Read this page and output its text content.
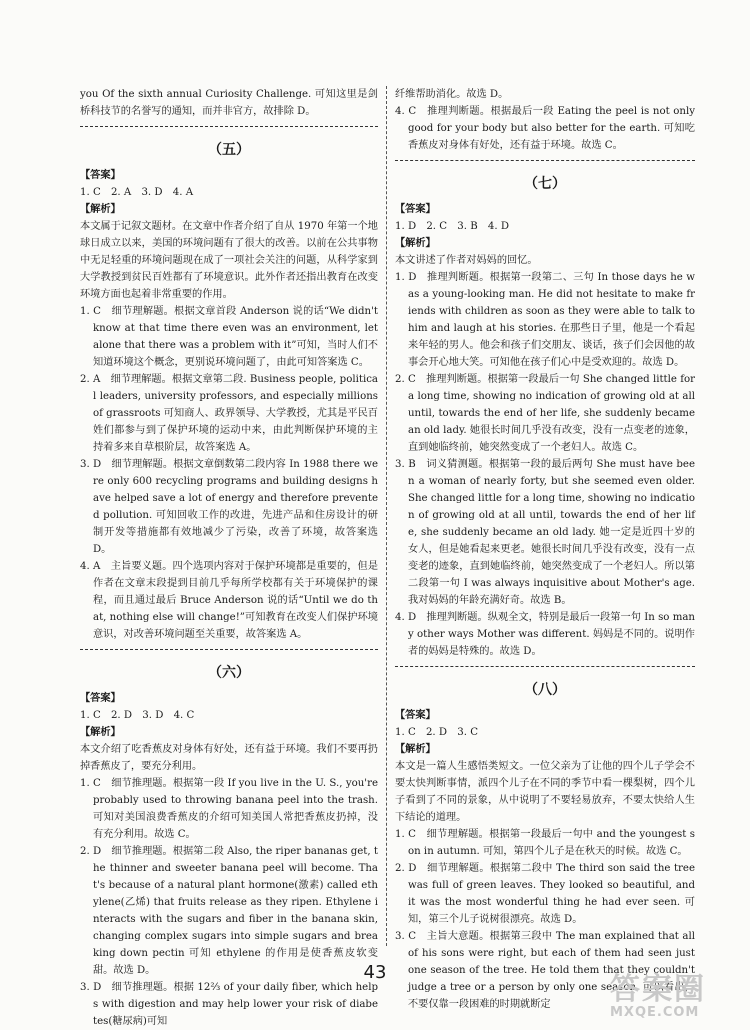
you Of the sixth annual Curiosity Challenge. 可知这里是剑桥科技节的名誉写的通知，而并非官方，故排除 D。

（五）

【答案】

1. C　2. A　3. D　4. A

【解析】

本文属于记叙文题材。在文章中作者介绍了自从 1970 年第一个地球日成立以来，美国的环境问题有了很大的改善。以前在公共事物中无足轻重的环境问题现在成了一项社会关注的问题，从科学家到大学教授到贫民百姓都有了环境意识。此外作者还指出教育在改变环境方面也起着非常重要的作用。

1. C　细节理解题。根据文章首段 Anderson 说的话“We didn't know at that time there even was an environment, let alone that there was a problem with it”可知，当时人们不知道环境这个概念，更别说环境问题了，由此可知答案选 C。

2. A　细节理解题。根据文章第二段. Business people, political leaders, university professors, and especially millions of grassroots 可知商人、政界领导、大学教授，尤其是平民百姓们都参与到了保护环境的运动中来，由此判断保护环境的主持着多来自草根阶层，故答案选 A。

3. D　细节理解题。根据文章倒数第二段内容 In 1988 there were only 600 recycling programs and building designs have helped save a lot of energy and therefore prevented pollution. 可知回收工作的改进，先进产品和住房设计的研制开发等措施都有效地减少了污染，改善了环境，故答案选 D。

4. A　主旨要义题。四个选项内容对于保护环境都是重要的，但是作者在文章末段提到目前几乎每所学校都有关于环境保护的课程，而且通过最后 Bruce Anderson 说的话“Until we do that, nothing else will change!”可知教育在改变人们保护环境意识，对改善环境问题至关重要，故答案选 A。

（六）

【答案】

1. C　2. D　3. D　4. C

【解析】

本文介绍了吃香蕉皮对身体有好处，还有益于环境。我们不要再扔掉香蕉皮了，要充分利用。

1. C　细节推理题。根据第一段 If you live in the U. S., you're probably used to throwing banana peel into the trash. 可知对美国浪费香蕉皮的介绍可知美国人常把香蕉皮扔掉，没有充分利用。故选 C。

2. D　细节推理题。根据第二段 Also, the riper bananas get, the thinner and sweeter banana peel will become. That's because of a natural plant hormone(激素) called ethylene(乙烯) that fruits release as they ripen. Ethylene interacts with the sugars and fiber in the banana skin, changing complex sugars into simple sugars and breaking down pectin 可知 ethylene 的作用是使香蕉皮软变甜。故选 D。

3. D　细节推理题。根据 12⅔ of your daily fiber, which helps with digestion and may help lower your risk of diabetes(糖尿病)可知

纤维帮助消化。故选 D。

4. C　推理判断题。根据最后一段 Eating the peel is not only good for your body but also better for the earth. 可知吃香蕉皮对身体有好处，还有益于环境。故选 C。

（七）

【答案】

1. D　2. C　3. B　4. D

【解析】

本文讲述了作者对妈妈的回忆。

1. D　推理判断题。根据第一段第二、三句 In those days he was a young-looking man. He did not hesitate to make friends with children as soon as they were able to talk to him and laugh at his stories. 在那些日子里，他是一个看起来年轻的男人。他会和孩子们交朋友、谈话，孩子们会因他的故事会开心地大笑。可知他在孩子们心中是受欢迎的。故选 D。

2. C　推理判断题。根据第一段最后一句 She changed little for a long time, showing no indication of growing old at all until, towards the end of her life, she suddenly became an old lady. 她很长时间几乎没有改变，没有一点变老的迹象，直到她临终前，她突然变成了一个老妇人。故选 C。

3. B　词义猜测题。根据第一段的最后两句 She must have been a woman of nearly forty, but she seemed even older. She changed little for a long time, showing no indication of growing old at all until, towards the end of her life, she suddenly became an old lady. 她一定是近四十岁的女人，但是她看起来更老。她很长时间几乎没有改变，没有一点变老的迹象，直到她临终前，她突然变成了一个老妇人。所以第二段第一句 I was always inquisitive about Mother's age. 我对妈妈的年龄充满好奇。故选 B。

4. D　推理判断题。纵观全文，特别是最后一段第一句 In so many other ways Mother was different. 妈妈是不同的。说明作者的妈妈是特殊的。故选 D。

（八）

【答案】

1. C　2. D　3. C

【解析】

本文是一篇人生感悟类短文。一位父亲为了让他的四个儿子学会不要太快判断事情，派四个儿子在不同的季节中看一棵梨树，四个儿子看到了不同的景象，从中说明了不要轻易放弃，不要太快给人生下结论的道理。

1. C　细节理解题。根据第一段最后一句中 and the youngest son in autumn. 可知，第四个儿子是在秋天的时候。故选 C。

2. D　细节理解题。根据第二段中 The third son said the tree was full of green leaves. They looked so beautiful, and it was the most wonderful thing he had ever seen. 可知，第三个儿子说树很漂亮。故选 D。

3. C　主旨大意题。根据第三段中 The man explained that all of his sons were right, but each of them had seen just one season of the tree. He told them that they couldn't judge a tree or a person by only one season. 可以看出，不要仅靠一段困难的时期就断定

43	答案圈
MXQE.COM
